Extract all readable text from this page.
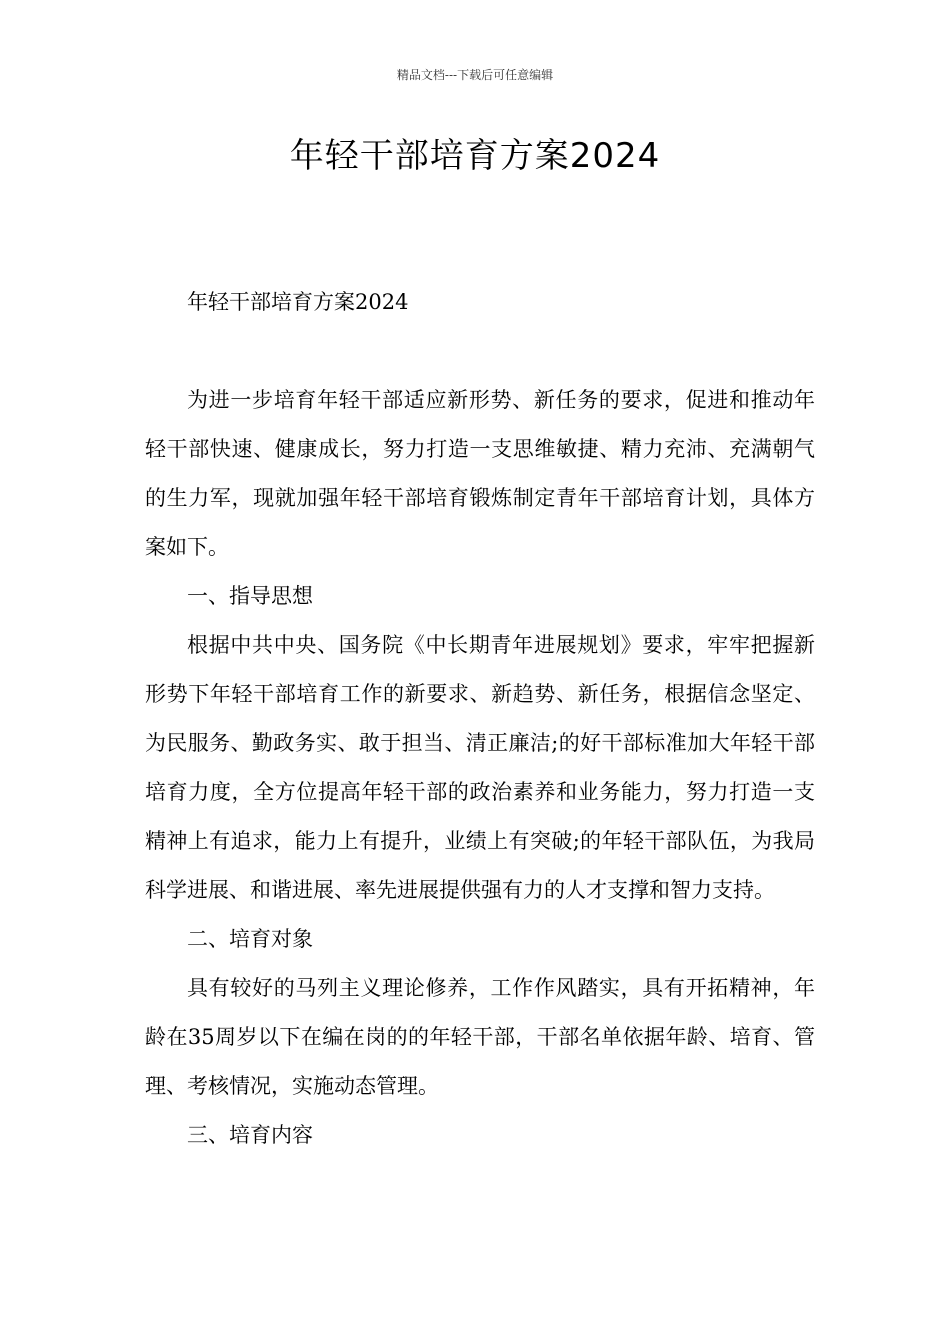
精品文档---下载后可任意编辑
年轻干部培育方案2024

年轻干部培育方案2024

为进一步培育年轻干部适应新形势、新任务的要求，促进和推动年轻干部快速、健康成长，努力打造一支思维敏捷、精力充沛、充满朝气的生力军，现就加强年轻干部培育锻炼制定青年干部培育计划，具体方案如下。

一、指导思想

根据中共中央、国务院《中长期青年进展规划》要求，牢牢把握新形势下年轻干部培育工作的新要求、新趋势、新任务，根据信念坚定、为民服务、勤政务实、敢于担当、清正廉洁;的好干部标准加大年轻干部培育力度，全方位提高年轻干部的政治素养和业务能力，努力打造一支精神上有追求，能力上有提升，业绩上有突破;的年轻干部队伍，为我局科学进展、和谐进展、率先进展提供强有力的人才支撑和智力支持。

二、培育对象

具有较好的马列主义理论修养，工作作风踏实，具有开拓精神，年龄在35周岁以下在编在岗的的年轻干部，干部名单依据年龄、培育、管理、考核情况，实施动态管理。

三、培育内容
